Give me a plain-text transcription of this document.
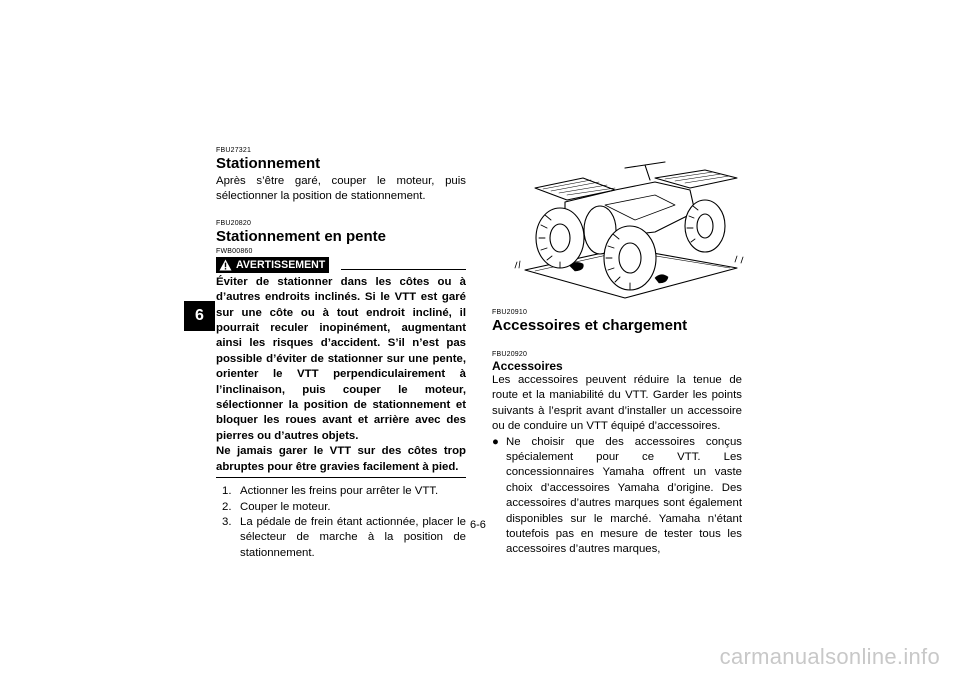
6

FBU27321

Stationnement

Après s’être garé, couper le moteur, puis sélectionner la position de stationnement.

FBU20820

Stationnement en pente

FWB00860

AVERTISSEMENT
Éviter de stationner dans les côtes ou à d’autres endroits inclinés. Si le VTT est garé sur une côte ou à tout endroit incliné, il pourrait reculer inopinément, augmentant ainsi les risques d’accident. S’il n’est pas possible d’éviter de stationner sur une pente, orienter le VTT perpendiculairement à l’inclinaison, puis couper le moteur, sélectionner la position de stationnement et bloquer les roues avant et arrière avec des pierres ou d’autres objets.
Ne jamais garer le VTT sur des côtes trop abruptes pour être gravies facilement à pied.
1. Actionner les freins pour arrêter le VTT.
2. Couper le moteur.
3. La pédale de frein étant actionnée, placer le sélecteur de marche à la position de stationnement.

FBU20910

Accessoires et chargement

FBU20920

Accessoires

Les accessoires peuvent réduire la tenue de route et la maniabilité du VTT. Garder les points suivants à l’esprit avant d’installer un accessoire ou de conduire un VTT équipé d’accessoires.

● Ne choisir que des accessoires conçus spécialement pour ce VTT. Les concessionnaires Yamaha offrent un vaste choix d’accessoires Yamaha d’origine. Des accessoires d’autres marques sont également disponibles sur le marché. Yamaha n’étant toutefois pas en mesure de tester tous les accessoires d’autres marques,
6-6
carmanualsonline.info
